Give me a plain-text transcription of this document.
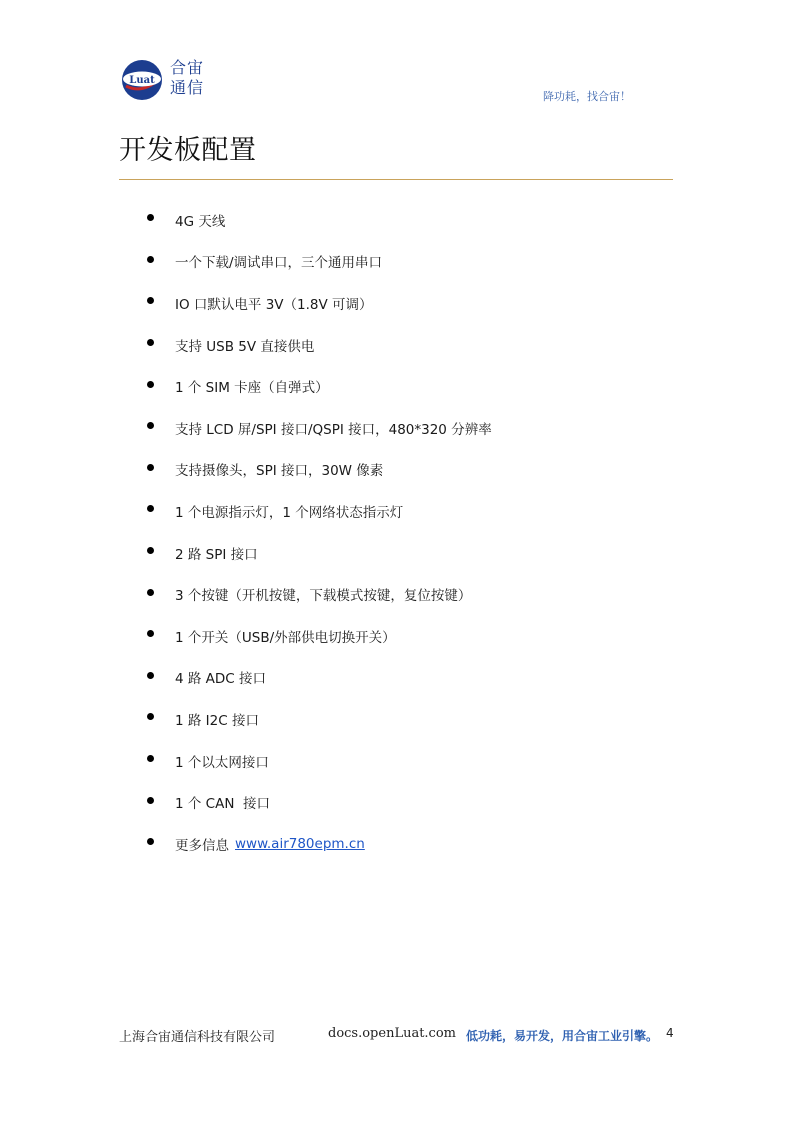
Luat
合宙
通信	降功耗，找合宙！
开发板配置
4G 天线
一个下载/调试串口，三个通用串口
IO 口默认电平 3V（1.8V 可调）
支持 USB 5V 直接供电
1 个 SIM 卡座（自弹式）
支持 LCD 屏/SPI 接口/QSPI 接口，480*320 分辨率
支持摄像头，SPI 接口，30W 像素
1 个电源指示灯，1 个网络状态指示灯
2 路 SPI 接口
3 个按键（开机按键，下载模式按键，复位按键）
1 个开关（USB/外部供电切换开关）
4 路 ADC 接口
1 路 I2C 接口
1 个以太网接口
1 个 CAN  接口
更多信息 www.air780epm.cn
上海合宙通信科技有限公司	docs.openLuat.com 低功耗，易开发，用合宙工业引擎。 4
